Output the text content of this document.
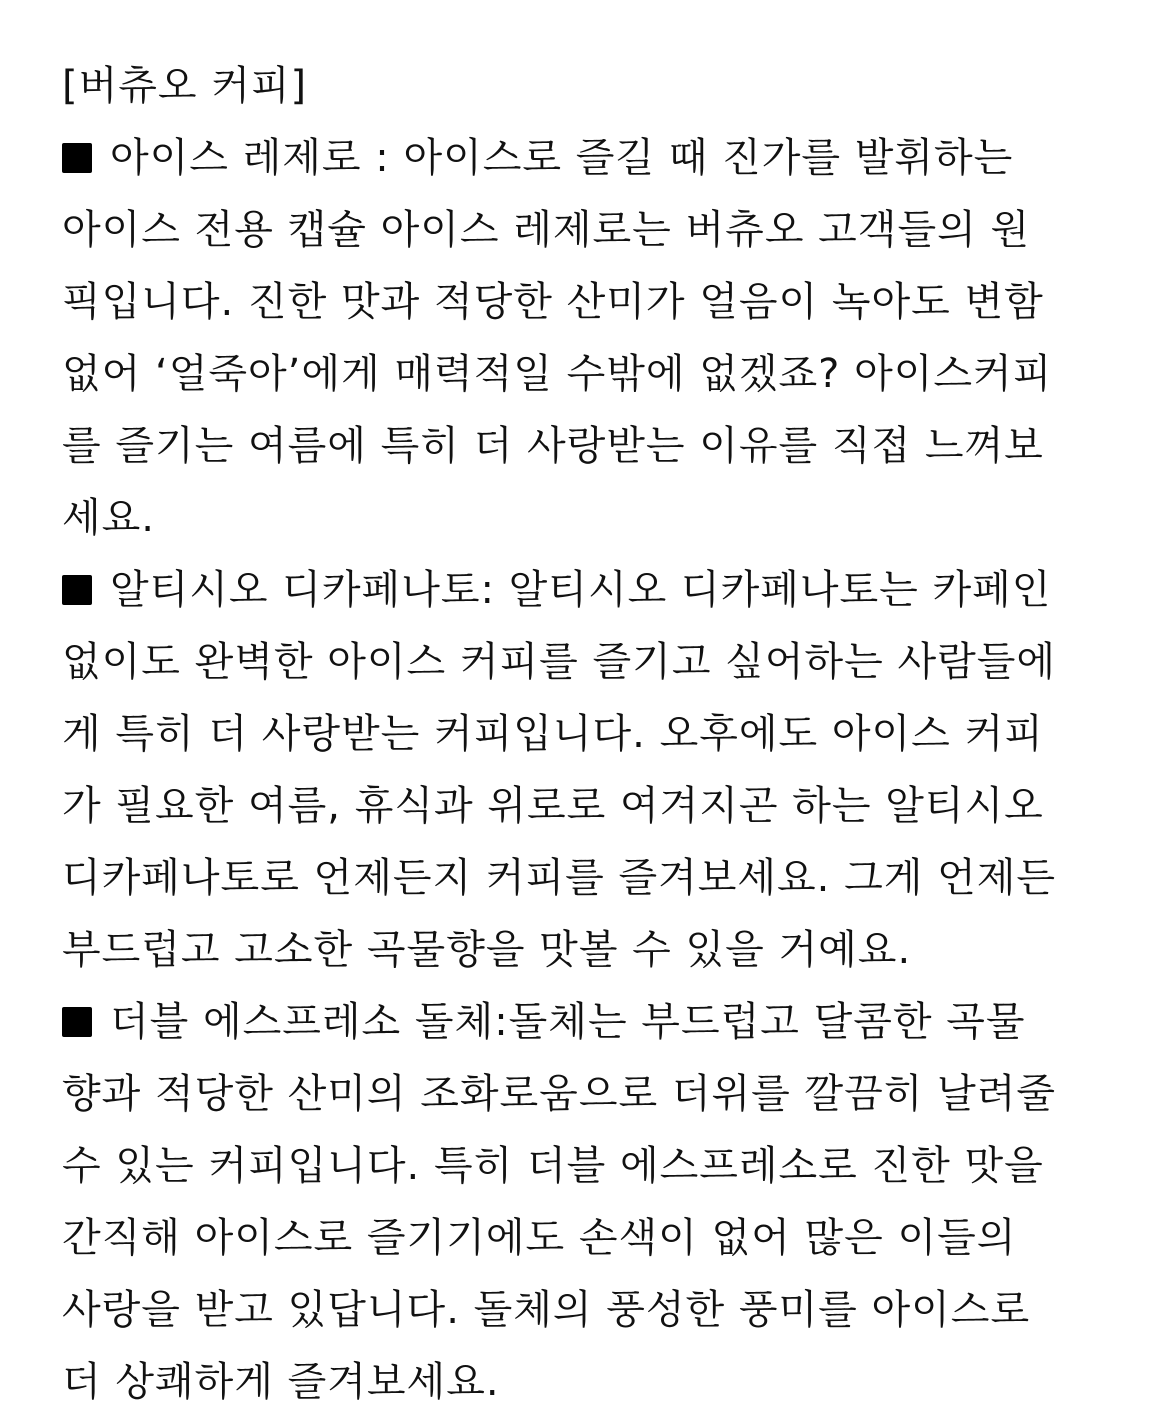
[버츄오 커피]
아이스 레제로 : 아이스로 즐길 때 진가를 발휘하는
아이스 전용 캡슐 아이스 레제로는 버츄오 고객들의 원
픽입니다. 진한 맛과 적당한 산미가 얼음이 녹아도 변함
없어 ‘얼죽아’에게 매력적일 수밖에 없겠죠? 아이스커피
를 즐기는 여름에 특히 더 사랑받는 이유를 직접 느껴보
세요.
알티시오 디카페나토: 알티시오 디카페나토는 카페인
없이도 완벽한 아이스 커피를 즐기고 싶어하는 사람들에
게 특히 더 사랑받는 커피입니다. 오후에도 아이스 커피
가 필요한 여름, 휴식과 위로로 여겨지곤 하는 알티시오
디카페나토로 언제든지 커피를 즐겨보세요. 그게 언제든
부드럽고 고소한 곡물향을 맛볼 수 있을 거예요.
더블 에스프레소 돌체:돌체는 부드럽고 달콤한 곡물
향과 적당한 산미의 조화로움으로 더위를 깔끔히 날려줄
수 있는 커피입니다. 특히 더블 에스프레소로 진한 맛을
간직해 아이스로 즐기기에도 손색이 없어 많은 이들의
사랑을 받고 있답니다. 돌체의 풍성한 풍미를 아이스로
더 상쾌하게 즐겨보세요.
